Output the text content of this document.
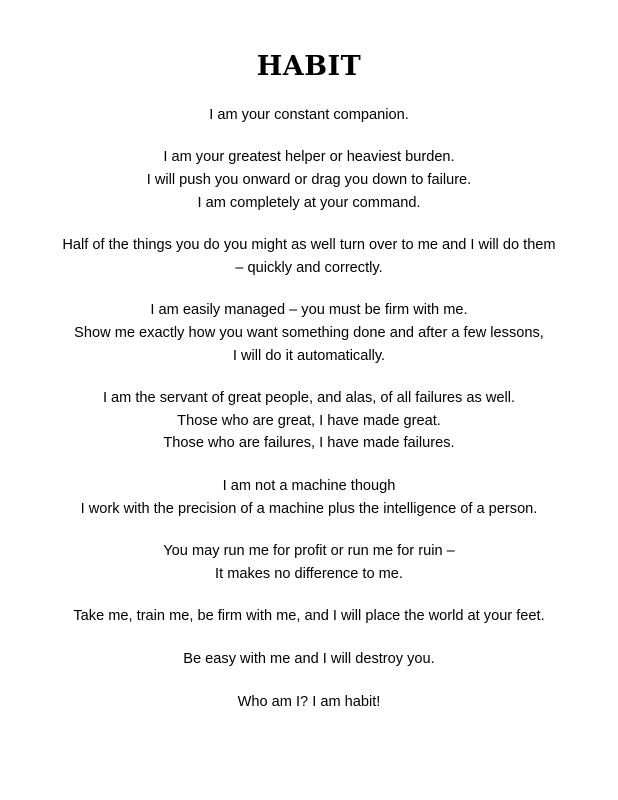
HABIT

I am your constant companion.

I am your greatest helper or heaviest burden.
I will push you onward or drag you down to failure.
I am completely at your command.

Half of the things you do you might as well turn over to me and I will do them – quickly and correctly.

I am easily managed – you must be firm with me.
Show me exactly how you want something done and after a few lessons, I will do it automatically.

I am the servant of great people, and alas, of all failures as well.
Those who are great, I have made great.
Those who are failures, I have made failures.

I am not a machine though
I work with the precision of a machine plus the intelligence of a person.

You may run me for profit or run me for ruin –
It makes no difference to me.

Take me, train me, be firm with me, and I will place the world at your feet.

Be easy with me and I will destroy you.

Who am I? I am habit!
